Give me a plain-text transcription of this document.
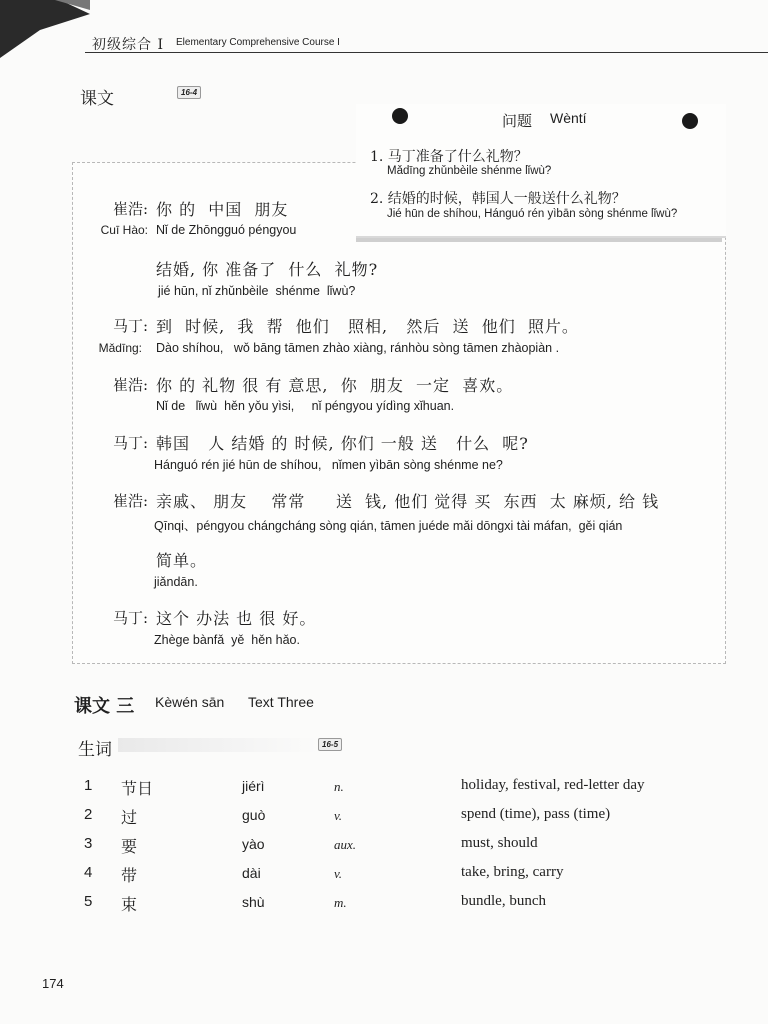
初级综合 I Elementary Comprehensive Course I
课文	16-4
问题 Wèntí
1. 马丁准备了什么礼物？
Mǎdīng zhǔnbèile shénme lǐwù?
2. 结婚的时候，韩国人一般送什么礼物？
Jié hūn de shíhou, Hánguó rén yìbān sòng shénme lǐwù?
崔浩:
Cuī Hào:
你 的  中国  朋友
Nǐ de Zhōngguó péngyou
结婚, 你 准备了  什么  礼物?
jié hūn, nǐ zhǔnbèile  shénme  lǐwù?
马丁:
Mǎdīng:
到  时候,  我  帮  他们   照相,   然后  送  他们  照片。
Dào shíhou,   wǒ bāng tāmen zhào xiàng, ránhòu sòng tāmen zhàopiàn .
崔浩: 你 的 礼物 很 有 意思,  你  朋友  一定  喜欢。
Nǐ de   lǐwù  hěn yǒu yìsi,     nǐ péngyou yídìng xǐhuan.
马丁: 韩国   人 结婚 的 时候, 你们 一般 送   什么  呢?
Hánguó rén jié hūn de shíhou,   nǐmen yìbān sòng shénme ne?
崔浩: 亲戚、 朋友    常常     送  钱, 他们 觉得 买  东西  太 麻烦, 给 钱
Qīnqi、péngyou chángcháng sòng qián, tāmen juéde mǎi dōngxi tài máfan,  gěi qián
简单。
jiǎndān.
马丁: 这个 办法 也 很 好。
Zhège bànfǎ  yě  hěn hǎo.
课文 三 Kèwén sān Text Three
生词	16-5
1 节日	jiérì	n.	holiday, festival, red-letter day
2 过	guò	v.	spend (time), pass (time)
3 要	yào	aux.	must, should
4 带	dài	v.	take, bring, carry
5 束	shù	m.	bundle, bunch
174
